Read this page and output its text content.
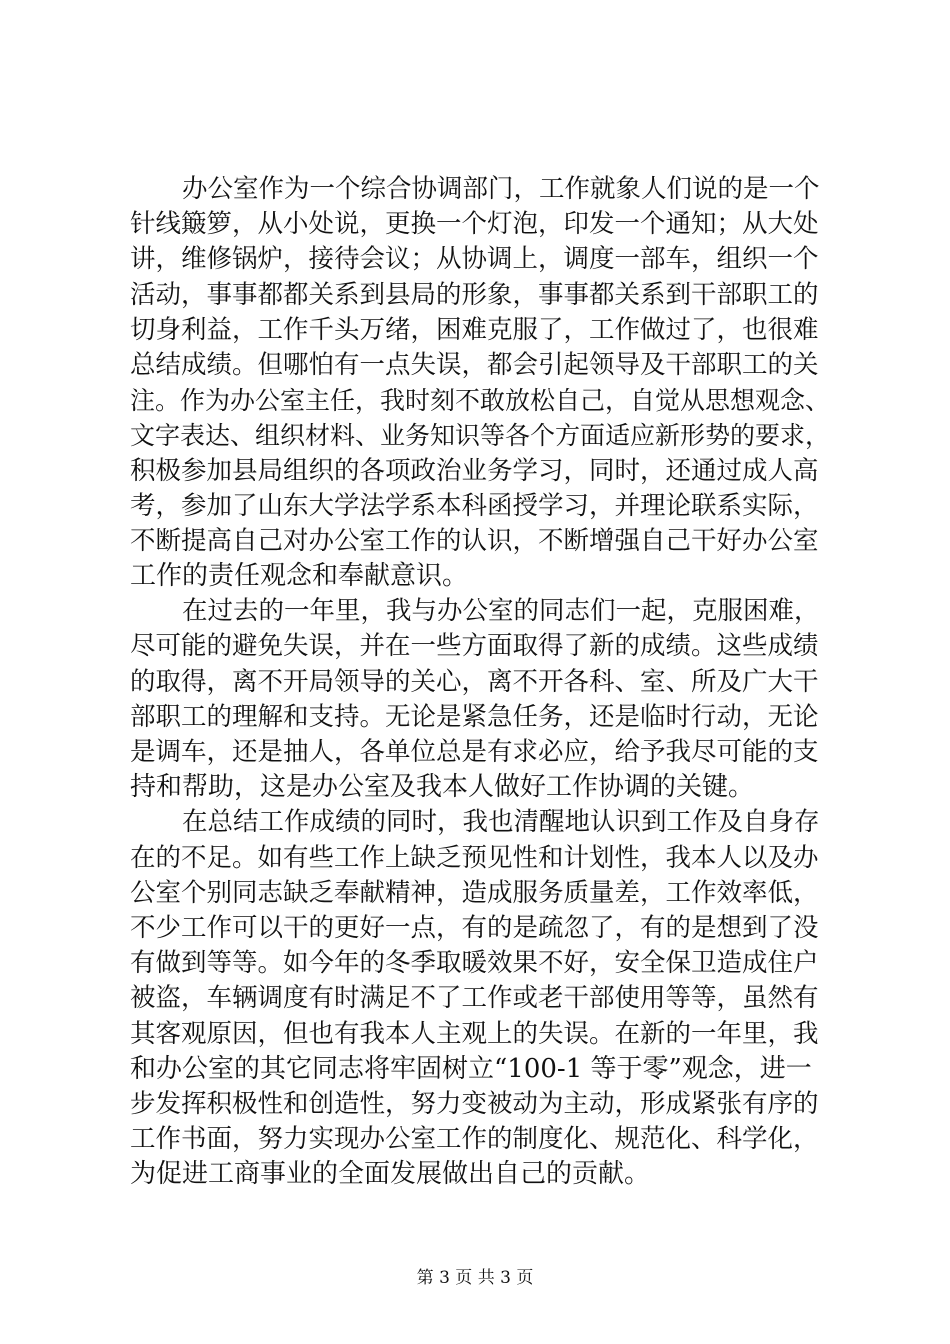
办公室作为一个综合协调部门，工作就象人们说的是一个
针线簸箩，从小处说，更换一个灯泡，印发一个通知；从大处
讲，维修锅炉，接待会议；从协调上，调度一部车，组织一个
活动，事事都都关系到县局的形象，事事都关系到干部职工的
切身利益，工作千头万绪，困难克服了，工作做过了，也很难
总结成绩。但哪怕有一点失误，都会引起领导及干部职工的关
注。作为办公室主任，我时刻不敢放松自己，自觉从思想观念、
文字表达、组织材料、业务知识等各个方面适应新形势的要求，
积极参加县局组织的各项政治业务学习，同时，还通过成人高
考，参加了山东大学法学系本科函授学习，并理论联系实际，
不断提高自己对办公室工作的认识，不断增强自己干好办公室
工作的责任观念和奉献意识。
在过去的一年里，我与办公室的同志们一起，克服困难，
尽可能的避免失误，并在一些方面取得了新的成绩。这些成绩
的取得，离不开局领导的关心，离不开各科、室、所及广大干
部职工的理解和支持。无论是紧急任务，还是临时行动，无论
是调车，还是抽人，各单位总是有求必应，给予我尽可能的支
持和帮助，这是办公室及我本人做好工作协调的关键。
在总结工作成绩的同时，我也清醒地认识到工作及自身存
在的不足。如有些工作上缺乏预见性和计划性，我本人以及办
公室个别同志缺乏奉献精神，造成服务质量差，工作效率低，
不少工作可以干的更好一点，有的是疏忽了，有的是想到了没
有做到等等。如今年的冬季取暖效果不好，安全保卫造成住户
被盗，车辆调度有时满足不了工作或老干部使用等等，虽然有
其客观原因，但也有我本人主观上的失误。在新的一年里，我
和办公室的其它同志将牢固树立“100-1 等于零”观念，进一
步发挥积极性和创造性，努力变被动为主动，形成紧张有序的
工作书面，努力实现办公室工作的制度化、规范化、科学化，
为促进工商事业的全面发展做出自己的贡献。
第 3 页 共 3 页
